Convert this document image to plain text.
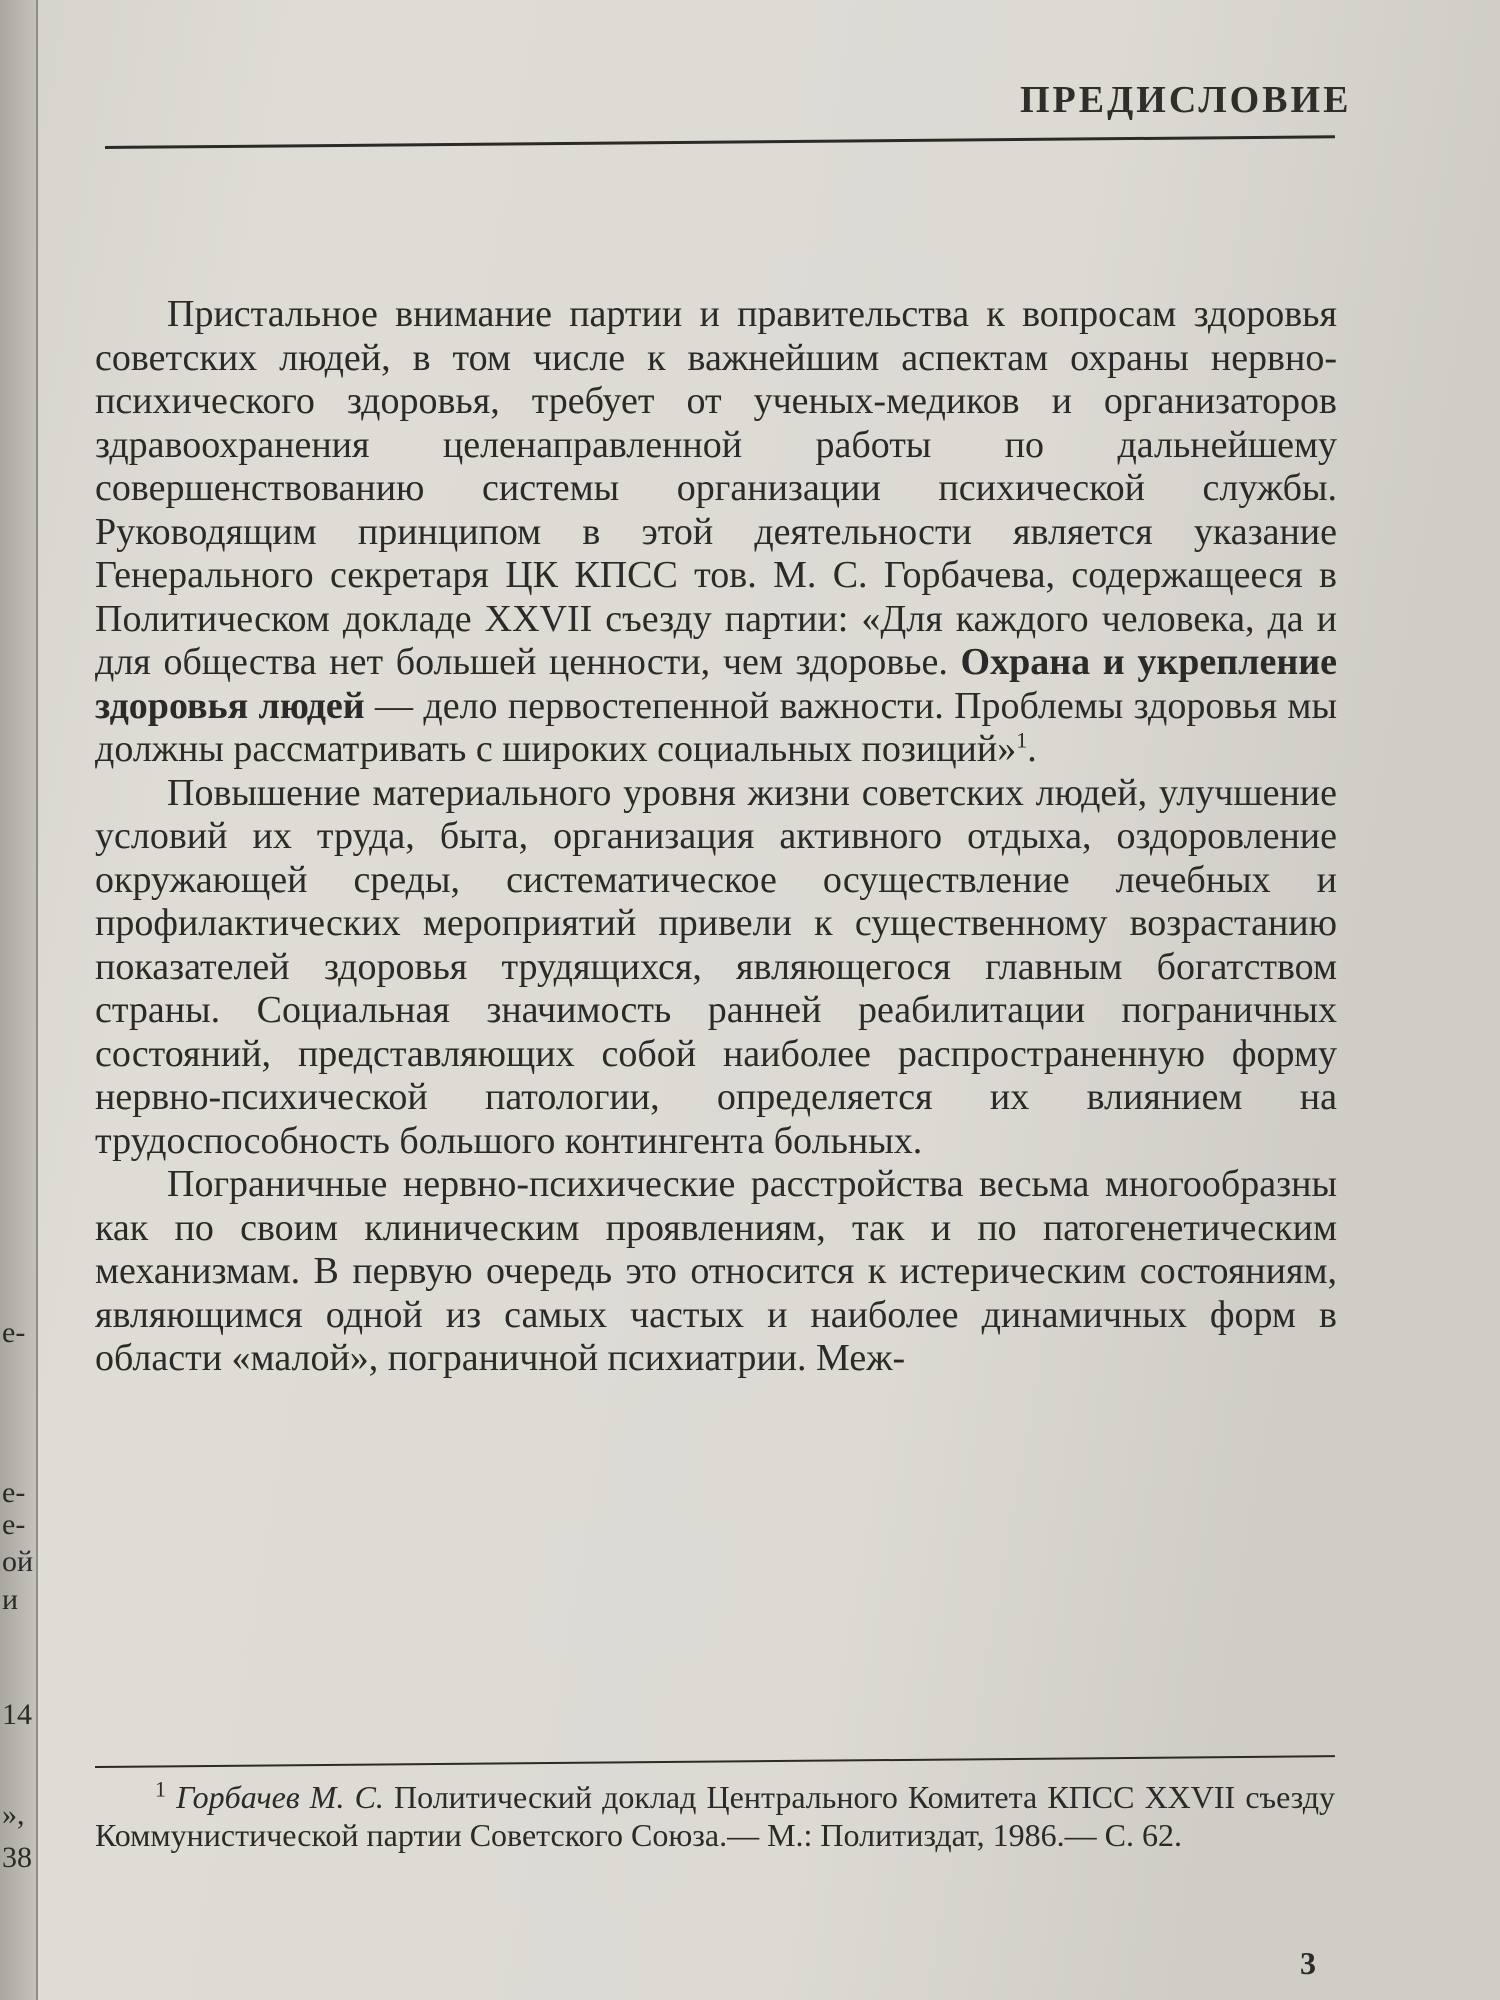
е-
е-
е-
ой
и
14
»,
38
ПРЕДИСЛОВИЕ

Пристальное внимание партии и правительства к вопросам здоровья советских людей, в том числе к важнейшим аспектам охраны нервно-психического здоровья, требует от ученых-медиков и организаторов здравоохранения целенаправленной работы по дальнейшему совершенствованию системы организации психической службы. Руководящим принципом в этой деятельности является указание Генерального секретаря ЦК КПСС тов. М. С. Горбачева, содержащееся в Политическом докладе XXVII съезду партии: «Для каждого человека, да и для общества нет большей ценности, чем здоровье. Охрана и укрепление здоровья людей — дело первостепенной важности. Проблемы здоровья мы должны рассматривать с широких социальных позиций»$^1$.

Повышение материального уровня жизни советских людей, улучшение условий их труда, быта, организация активного отдыха, оздоровление окружающей среды, систематическое осуществление лечебных и профилактических мероприятий привели к существенному возрастанию показателей здоровья трудящихся, являющегося главным богатством страны. Социальная значимость ранней реабилитации пограничных состояний, представляющих собой наиболее распространенную форму нервно-психической патологии, определяется их влиянием на трудоспособность большого контингента больных.

Пограничные нервно-психические расстройства весьма многообразны как по своим клиническим проявлениям, так и по патогенетическим механизмам. В первую очередь это относится к истерическим состояниям, являющимся одной из самых частых и наиболее динамичных форм в области «малой», пограничной психиатрии. Меж-

$^1$ Горбачев М. С. Политический доклад Центрального Комитета КПСС XXVII съезду Коммунистической партии Советского Союза.— М.: Политиздат, 1986.— С. 62.

3
